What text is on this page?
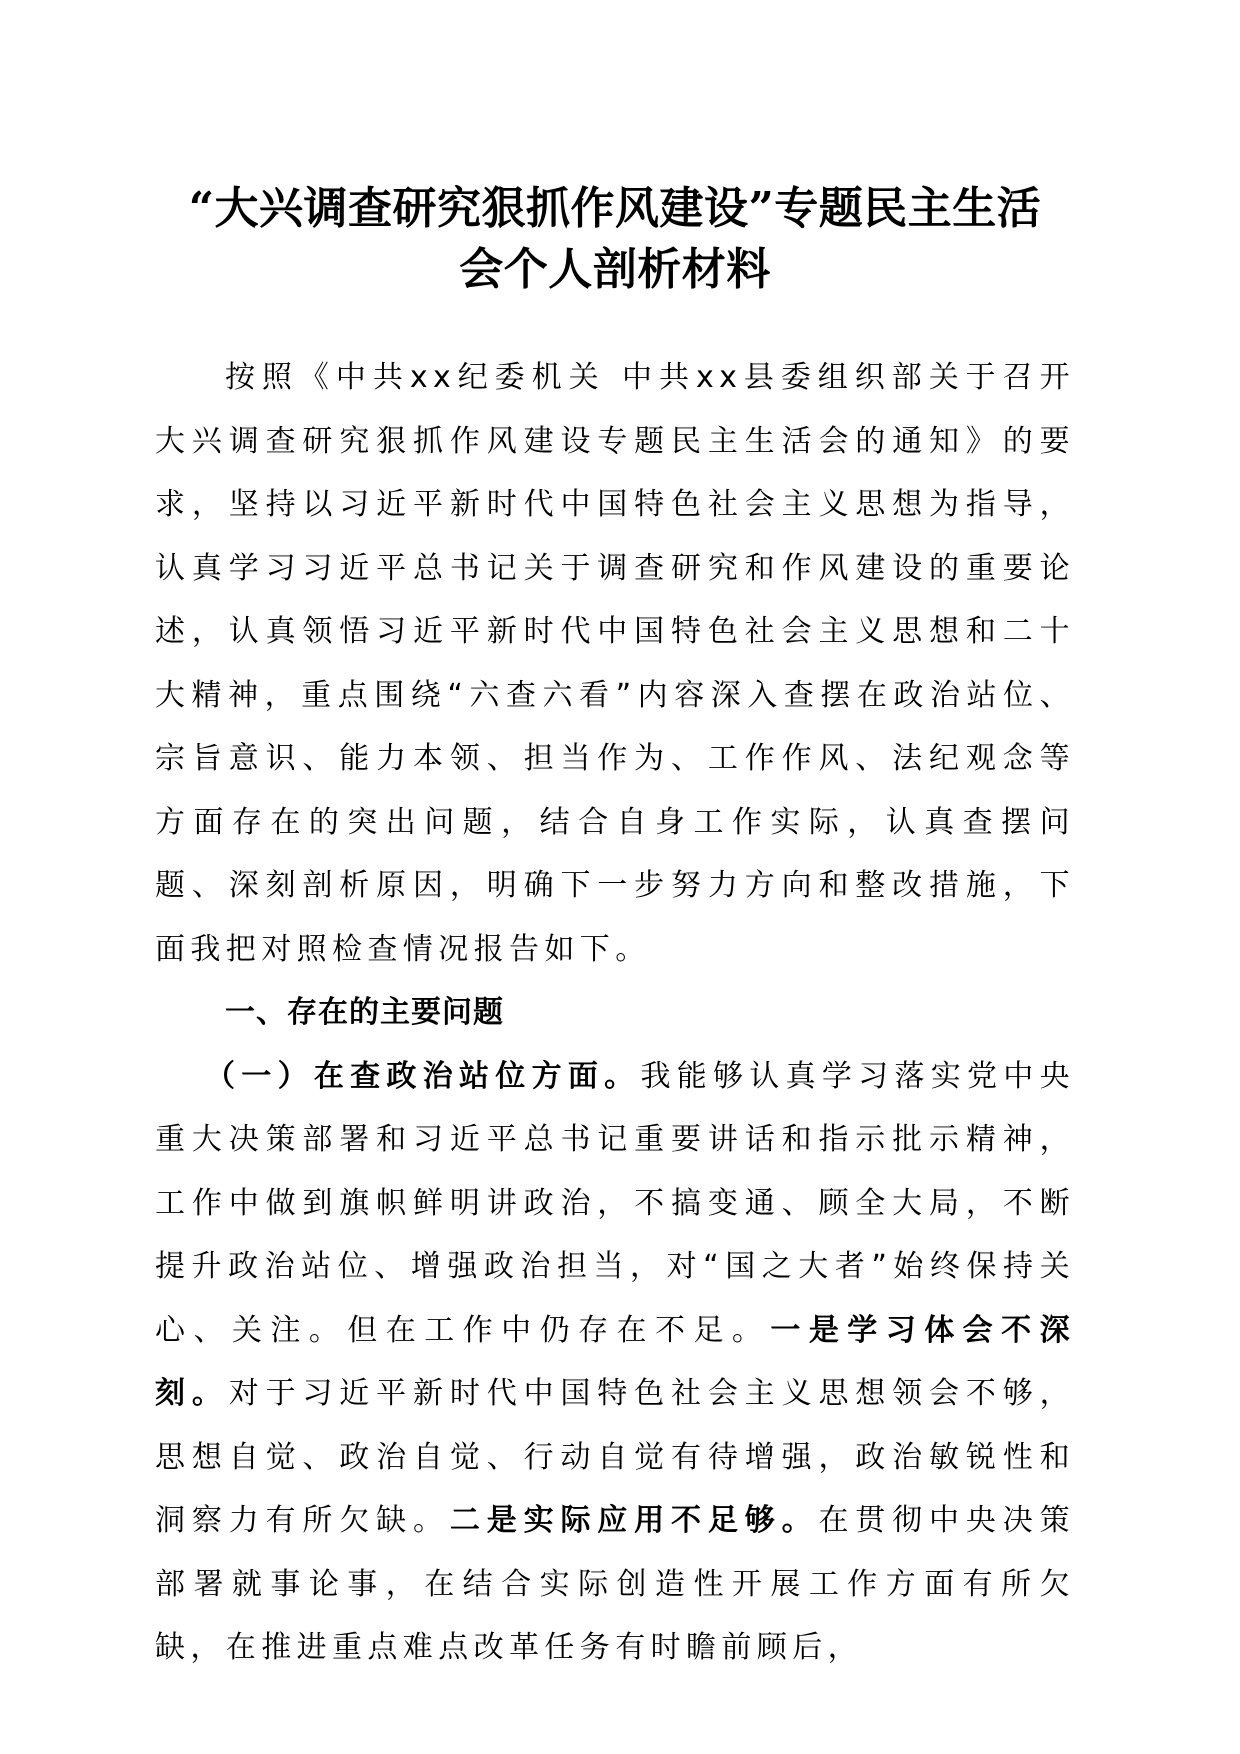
“大兴调查研究狠抓作风建设”专题民主生活
会个人剖析材料

按照《中共xx纪委机关 中共xx县委组织部关于召开大兴调查研究狠抓作风建设专题民主生活会的通知》的要求，坚持以习近平新时代中国特色社会主义思想为指导，认真学习习近平总书记关于调查研究和作风建设的重要论述，认真领悟习近平新时代中国特色社会主义思想和二十大精神，重点围绕“六查六看”内容深入查摆在政治站位、宗旨意识、能力本领、担当作为、工作作风、法纪观念等方面存在的突出问题，结合自身工作实际，认真查摆问题、深刻剖析原因，明确下一步努力方向和整改措施，下面我把对照检查情况报告如下。

一、存在的主要问题

（一）在查政治站位方面。我能够认真学习落实党中央重大决策部署和习近平总书记重要讲话和指示批示精神，工作中做到旗帜鲜明讲政治，不搞变通、顾全大局，不断提升政治站位、增强政治担当，对“国之大者”始终保持关心、关注。但在工作中仍存在不足。一是学习体会不深刻。对于习近平新时代中国特色社会主义思想领会不够，思想自觉、政治自觉、行动自觉有待增强，政治敏锐性和洞察力有所欠缺。二是实际应用不足够。在贯彻中央决策部署就事论事，在结合实际创造性开展工作方面有所欠缺，在推进重点难点改革任务有时瞻前顾后，
